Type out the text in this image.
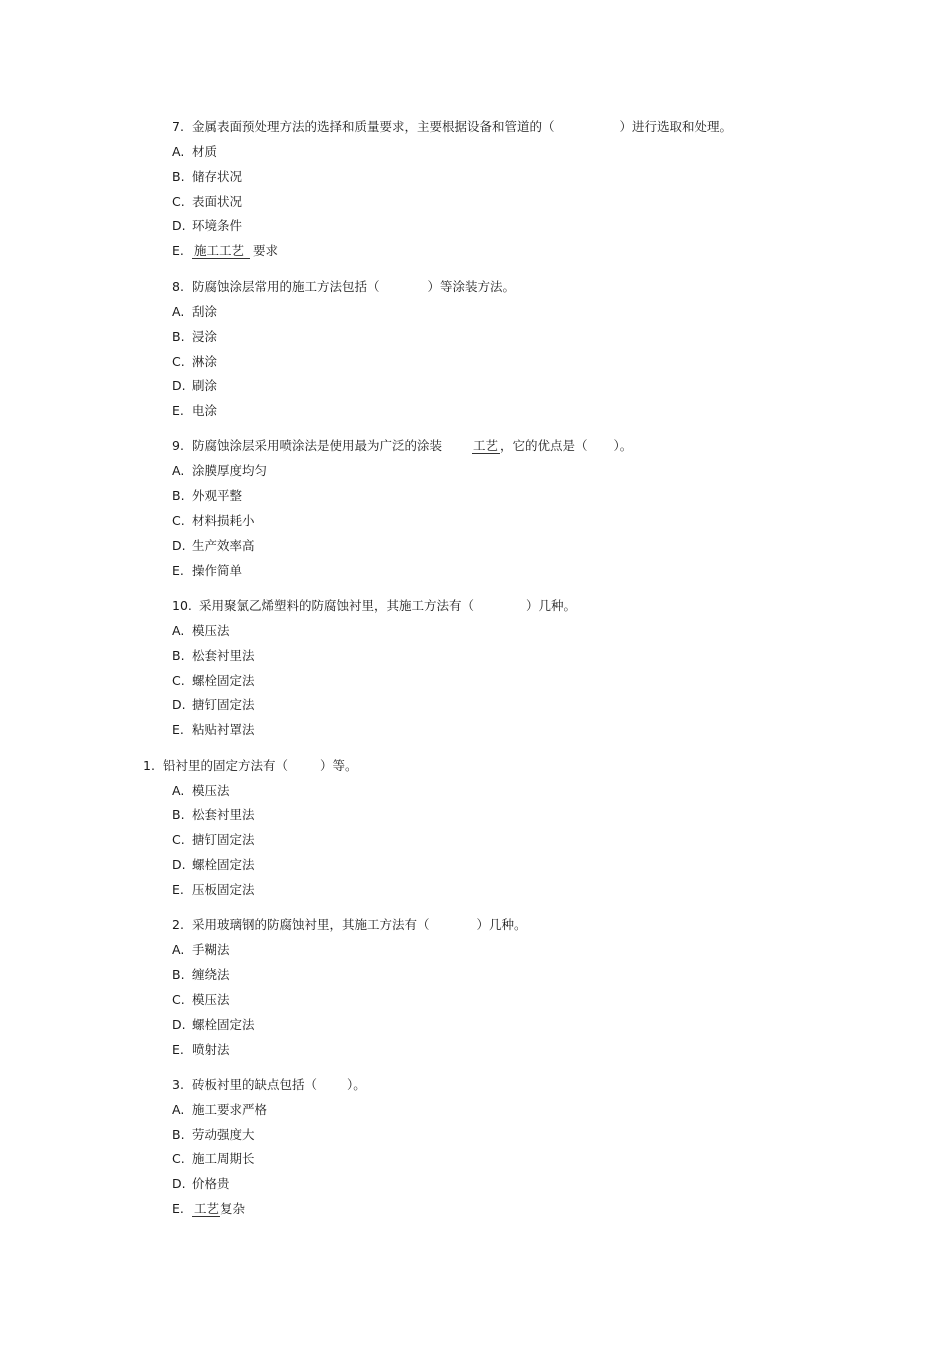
7. 金属表面预处理方法的选择和质量要求，主要根据设备和管道的（	）进行选取和处理。
A. 材质
B. 储存状况
C. 表面状况
D. 环境条件
E. 施工工艺 要求
8. 防腐蚀涂层常用的施工方法包括（	）等涂装方法。
A. 刮涂
B. 浸涂
C. 淋涂
D. 刷涂
E. 电涂
9. 防腐蚀涂层采用喷涂法是使用最为广泛的涂装 工艺 ，它的优点是（ ）。
A. 涂膜厚度均匀
B. 外观平整
C. 材料损耗小
D. 生产效率高
E. 操作简单
10. 采用聚氯乙烯塑料的防腐蚀衬里，其施工方法有（	）几种。
A. 模压法
B. 松套衬里法
C. 螺栓固定法
D. 搪钉固定法
E. 粘贴衬罩法
1. 铅衬里的固定方法有（	）等。
A. 模压法
B. 松套衬里法
C. 搪钉固定法
D. 螺栓固定法
E. 压板固定法
2. 采用玻璃钢的防腐蚀衬里，其施工方法有（	）几种。
A. 手糊法
B. 缠绕法
C. 模压法
D. 螺栓固定法
E. 喷射法
3. 砖板衬里的缺点包括（ ）。
A. 施工要求严格
B. 劳动强度大
C. 施工周期长
D. 价格贵
E. 工艺复杂
